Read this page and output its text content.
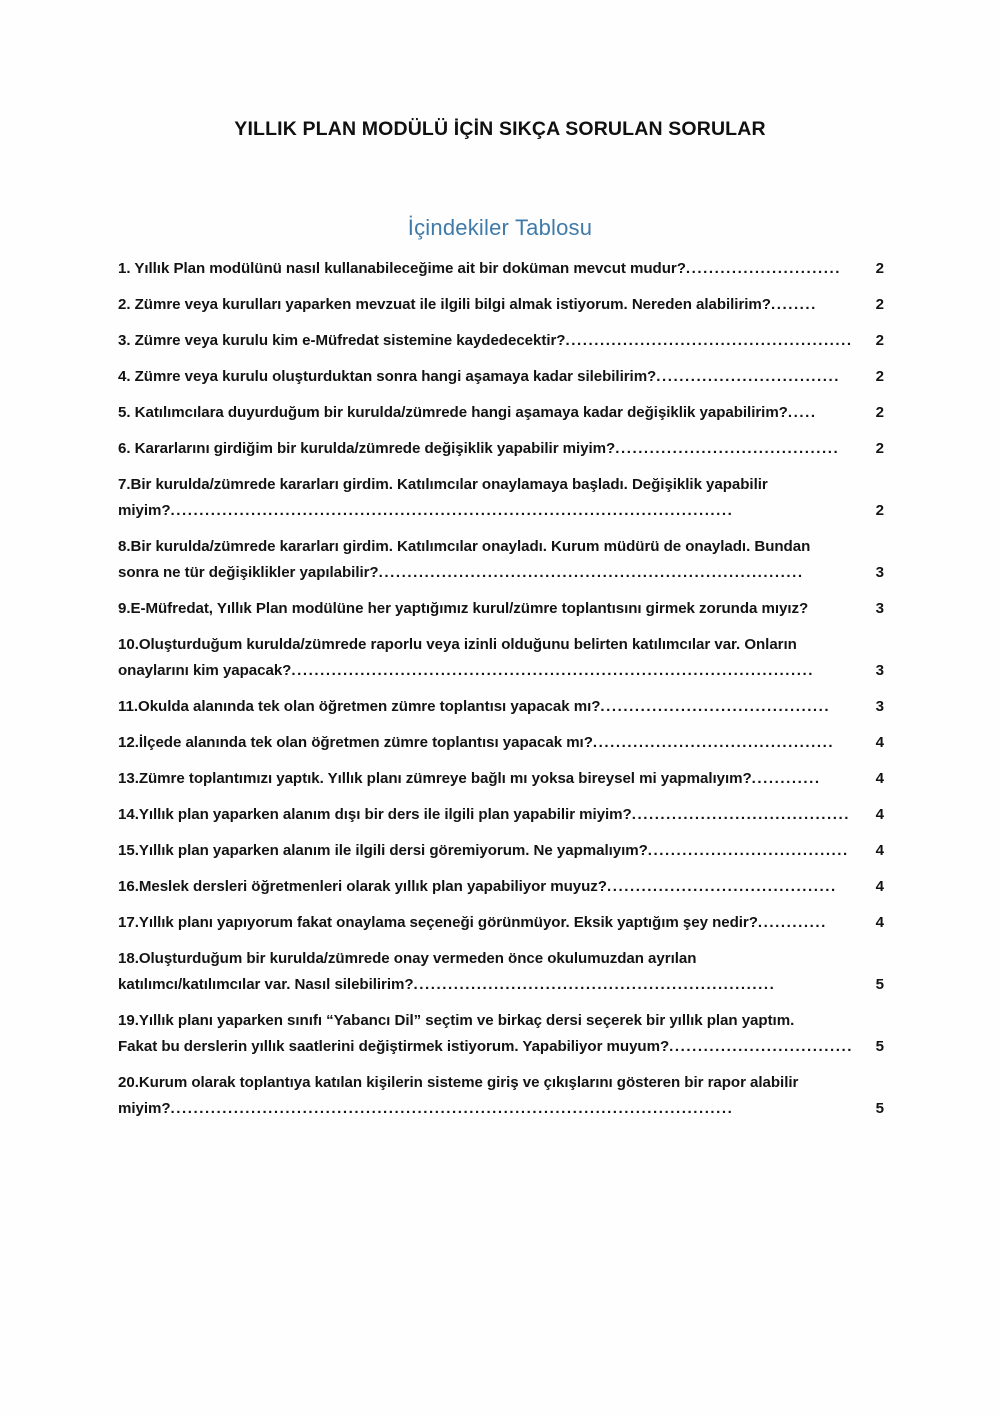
YILLIK PLAN MODÜLÜ İÇİN SIKÇA SORULAN SORULAR
İçindekiler Tablosu
1. Yıllık Plan modülünü nasıl kullanabileceğime ait bir doküman mevcut mudur? ...........................	2
2. Zümre veya kurulları yaparken mevzuat ile ilgili bilgi almak istiyorum. Nereden alabilirim? ........	2
3. Zümre veya kurulu kim e-Müfredat sistemine kaydedecektir? ..................................................	2
4. Zümre veya kurulu oluşturduktan sonra hangi aşamaya kadar silebilirim? ................................	2
5. Katılımcılara duyurduğum bir kurulda/zümrede hangi aşamaya kadar değişiklik yapabilirim? .....	2
6. Kararlarını girdiğim bir kurulda/zümrede değişiklik yapabilir miyim? .......................................	2
7.Bir kurulda/zümrede kararları girdim. Katılımcılar onaylamaya başladı. Değişiklik yapabilir
miyim? ..................................................................................................	2
8.Bir kurulda/zümrede kararları girdim. Katılımcılar onayladı. Kurum müdürü de onayladı. Bundan
sonra ne tür değişiklikler yapılabilir? ..........................................................................	3
9.E-Müfredat, Yıllık Plan modülüne her yaptığımız kurul/zümre toplantısını girmek zorunda mıyız?	3
10.Oluşturduğum kurulda/zümrede raporlu veya izinli olduğunu belirten katılımcılar var. Onların
onaylarını kim yapacak? ...........................................................................................	3
11.Okulda alanında tek olan öğretmen zümre toplantısı yapacak mı? ........................................	3
12.İlçede alanında tek olan öğretmen zümre toplantısı yapacak mı? ..........................................	4
13.Zümre toplantımızı yaptık. Yıllık planı zümreye bağlı mı yoksa bireysel mi yapmalıyım? ............	4
14.Yıllık plan yaparken alanım dışı bir ders ile ilgili plan yapabilir miyim? ......................................	4
15.Yıllık plan yaparken alanım ile ilgili dersi göremiyorum. Ne yapmalıyım? ...................................	4
16.Meslek dersleri öğretmenleri olarak yıllık plan yapabiliyor muyuz? ........................................	4
17.Yıllık planı yapıyorum fakat onaylama seçeneği görünmüyor. Eksik yaptığım şey nedir? ............	4
18.Oluşturduğum bir kurulda/zümrede onay vermeden önce okulumuzdan ayrılan
katılımcı/katılımcılar var. Nasıl silebilirim? ...............................................................	5
19.Yıllık planı yaparken sınıfı “Yabancı Dil” seçtim ve birkaç dersi seçerek bir yıllık plan yaptım.
Fakat bu derslerin yıllık saatlerini değiştirmek istiyorum. Yapabiliyor muyum? ................................	5
20.Kurum olarak toplantıya katılan kişilerin sisteme giriş ve çıkışlarını gösteren bir rapor alabilir
miyim? ..................................................................................................	5
